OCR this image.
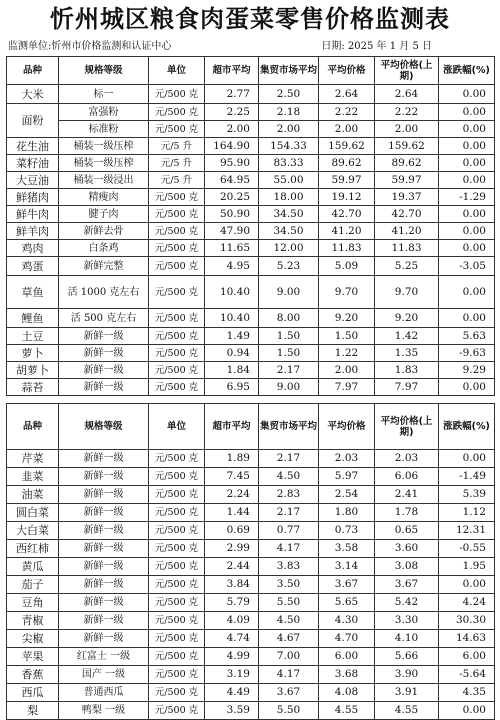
忻州城区粮食肉蛋菜零售价格监测表
监测单位:忻州市价格监测和认证中心	日期: 2025 年 1 月 5 日
品种	规格等级	单位	超市平均	集贸市场平均	平均价格	平均价格(上期)	涨跌幅(%)
大米	标一	元/500 克	2.77	2.50	2.64	2.64	0.00
面粉	富强粉	元/500 克	2.25	2.18	2.22	2.22	0.00
	标准粉	元/500 克	2.00	2.00	2.00	2.00	0.00
花生油	桶装一级压榨	元/5 升	164.90	154.33	159.62	159.62	0.00
菜籽油	桶装一级压榨	元/5 升	95.90	83.33	89.62	89.62	0.00
大豆油	桶装一级浸出	元/5 升	64.95	55.00	59.97	59.97	0.00
鲜猪肉	精瘦肉	元/500 克	20.25	18.00	19.12	19.37	-1.29
鲜牛肉	腱子肉	元/500 克	50.90	34.50	42.70	42.70	0.00
鲜羊肉	新鲜去骨	元/500 克	47.90	34.50	41.20	41.20	0.00
鸡肉	白条鸡	元/500 克	11.65	12.00	11.83	11.83	0.00
鸡蛋	新鲜完整	元/500 克	4.95	5.23	5.09	5.25	-3.05
草鱼	活 1000 克左右	元/500 克	10.40	9.00	9.70	9.70	0.00
鲤鱼	活 500 克左右	元/500 克	10.40	8.00	9.20	9.20	0.00
土豆	新鲜一级	元/500 克	1.49	1.50	1.50	1.42	5.63
萝卜	新鲜一级	元/500 克	0.94	1.50	1.22	1.35	-9.63
胡萝卜	新鲜一级	元/500 克	1.84	2.17	2.00	1.83	9.29
蒜苔	新鲜一级	元/500 克	6.95	9.00	7.97	7.97	0.00
品种	规格等级	单位	超市平均	集贸市场平均	平均价格	平均价格(上期)	涨跌幅(%)
芹菜	新鲜一级	元/500 克	1.89	2.17	2.03	2.03	0.00
韭菜	新鲜一级	元/500 克	7.45	4.50	5.97	6.06	-1.49
油菜	新鲜一级	元/500 克	2.24	2.83	2.54	2.41	5.39
圆白菜	新鲜一级	元/500 克	1.44	2.17	1.80	1.78	1.12
大白菜	新鲜一级	元/500 克	0.69	0.77	0.73	0.65	12.31
西红柿	新鲜一级	元/500 克	2.99	4.17	3.58	3.60	-0.55
黄瓜	新鲜一级	元/500 克	2.44	3.83	3.14	3.08	1.95
茄子	新鲜一级	元/500 克	3.84	3.50	3.67	3.67	0.00
豆角	新鲜一级	元/500 克	5.79	5.50	5.65	5.42	4.24
青椒	新鲜一级	元/500 克	4.09	4.50	4.30	3.30	30.30
尖椒	新鲜一级	元/500 克	4.74	4.67	4.70	4.10	14.63
苹果	红富士 一级	元/500 克	4.99	7.00	6.00	5.66	6.00
香蕉	国产 一级	元/500 克	3.19	4.17	3.68	3.90	-5.64
西瓜	普通西瓜	元/500 克	4.49	3.67	4.08	3.91	4.35
梨	鸭梨 一级	元/500 克	3.59	5.50	4.55	4.55	0.00
